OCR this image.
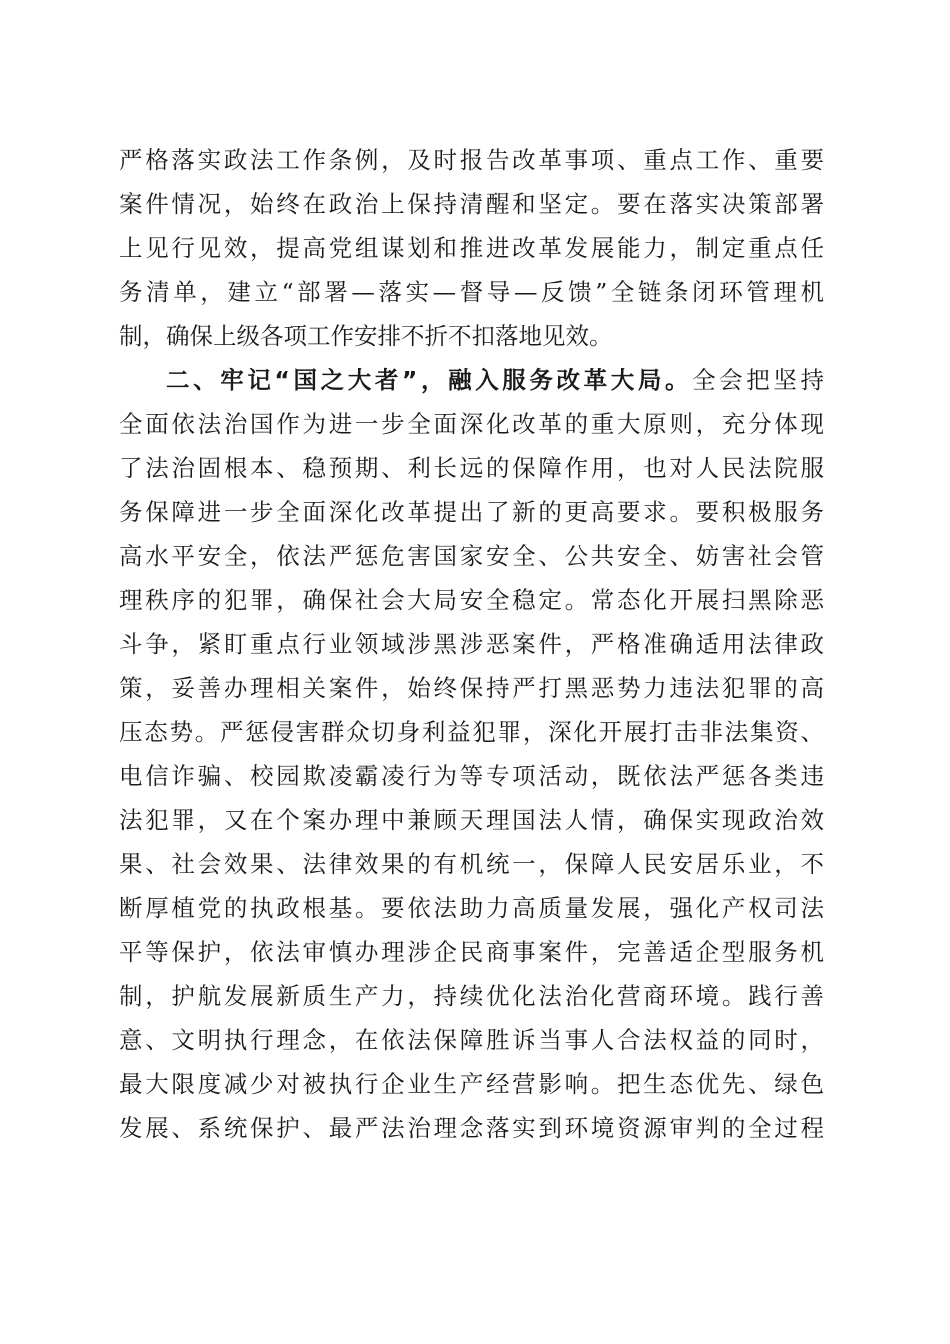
严格落实政法工作条例，及时报告改革事项、重点工作、重要
案件情况，始终在政治上保持清醒和坚定。要在落实决策部署
上见行见效，提高党组谋划和推进改革发展能力，制定重点任
务清单，建立“部署—落实—督导—反馈”全链条闭环管理机
制，确保上级各项工作安排不折不扣落地见效。
二、牢记“国之大者”，融入服务改革大局。全会把坚持
全面依法治国作为进一步全面深化改革的重大原则，充分体现
了法治固根本、稳预期、利长远的保障作用，也对人民法院服
务保障进一步全面深化改革提出了新的更高要求。要积极服务
高水平安全，依法严惩危害国家安全、公共安全、妨害社会管
理秩序的犯罪，确保社会大局安全稳定。常态化开展扫黑除恶
斗争，紧盯重点行业领域涉黑涉恶案件，严格准确适用法律政
策，妥善办理相关案件，始终保持严打黑恶势力违法犯罪的高
压态势。严惩侵害群众切身利益犯罪，深化开展打击非法集资、
电信诈骗、校园欺凌霸凌行为等专项活动，既依法严惩各类违
法犯罪，又在个案办理中兼顾天理国法人情，确保实现政治效
果、社会效果、法律效果的有机统一，保障人民安居乐业，不
断厚植党的执政根基。要依法助力高质量发展，强化产权司法
平等保护，依法审慎办理涉企民商事案件，完善适企型服务机
制，护航发展新质生产力，持续优化法治化营商环境。践行善
意、文明执行理念，在依法保障胜诉当事人合法权益的同时，
最大限度减少对被执行企业生产经营影响。把生态优先、绿色
发展、系统保护、最严法治理念落实到环境资源审判的全过程
